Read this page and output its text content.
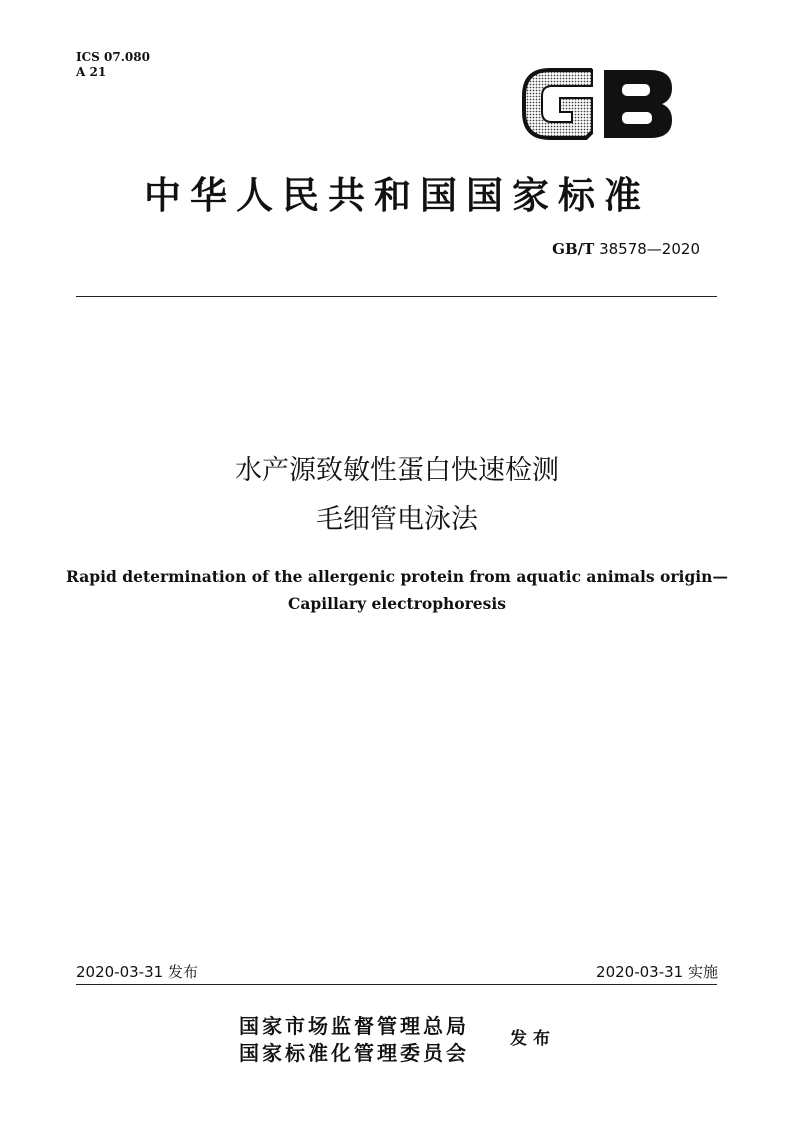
ICS 07.080
A 21
中华人民共和国国家标准
GB/T 38578—2020
水产源致敏性蛋白快速检测
毛细管电泳法
Rapid determination of the allergenic protein from aquatic animals origin—
Capillary electrophoresis
2020-03-31 发布	2020-03-31 实施
国家市场监督管理总局
国家标准化管理委员会
发布
